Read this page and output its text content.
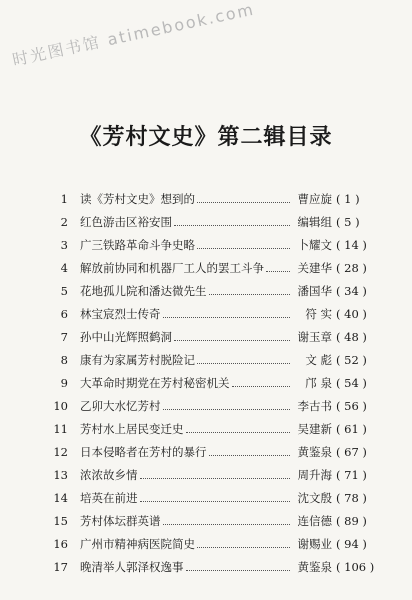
时光图书馆 atimebook.com
《芳村文史》第二辑目录
1	读《芳村文史》想到的	曹应旋 ( 1 )
2	红色游击区裕安围	编辑组 ( 5 )
3	广三铁路革命斗争史略	卜耀文 ( 14 )
4	解放前协同和机器厂工人的罢工斗争	关建华 ( 28 )
5	花地孤儿院和潘达微先生	潘国华 ( 34 )
6	林宝宸烈士传奇	符 实 ( 40 )
7	孙中山光辉照鹤洞	谢玉章 ( 48 )
8	康有为家属芳村脱险记	文 彪 ( 52 )
9	大革命时期党在芳村秘密机关	邝 泉 ( 54 )
10	乙卯大水忆芳村	李古书 ( 56 )
11	芳村水上居民变迁史	吴建新 ( 61 )
12	日本侵略者在芳村的暴行	黄鉴泉 ( 67 )
13	浓浓故乡情	周升海 ( 71 )
14	培英在前进	沈文殷 ( 78 )
15	芳村体坛群英谱	连信德 ( 89 )
16	广州市精神病医院简史	谢赐业 ( 94 )
17	晚清举人郭泽权逸事	黄鉴泉 ( 106 )
